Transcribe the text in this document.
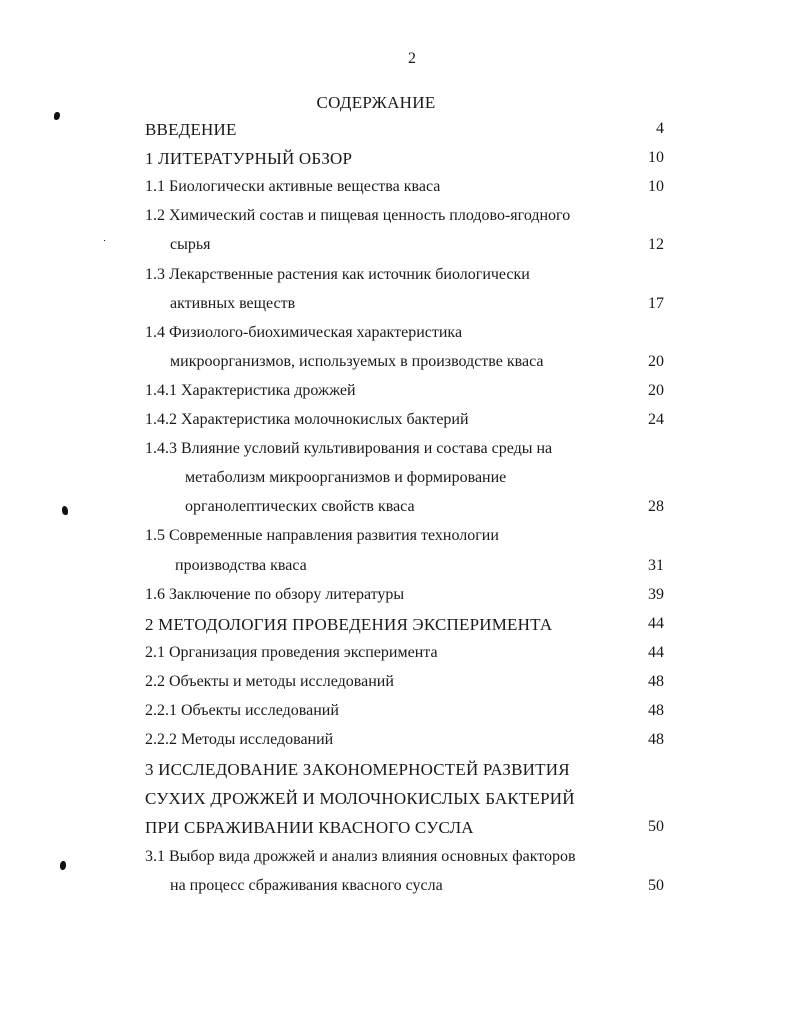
2
СОДЕРЖАНИЕ
ВВЕДЕНИЕ	4
1 ЛИТЕРАТУРНЫЙ ОБЗОР	10
1.1 Биологически активные вещества кваса	10
1.2 Химический состав и пищевая ценность плодово-ягодного
сырья	12
1.3 Лекарственные растения как источник биологически
активных веществ	17
1.4 Физиолого-биохимическая характеристика
микроорганизмов, используемых в производстве кваса	20
1.4.1 Характеристика дрожжей	20
1.4.2 Характеристика молочнокислых бактерий	24
1.4.3 Влияние условий культивирования и состава среды на
метаболизм микроорганизмов и формирование
органолептических свойств кваса	28
1.5 Современные направления развития технологии
производства кваса	31
1.6 Заключение по обзору литературы	39
2 МЕТОДОЛОГИЯ ПРОВЕДЕНИЯ ЭКСПЕРИМЕНТА	44
2.1 Организация проведения эксперимента	44
2.2 Объекты и методы исследований	48
2.2.1 Объекты исследований	48
2.2.2 Методы исследований	48
3 ИССЛЕДОВАНИЕ ЗАКОНОМЕРНОСТЕЙ РАЗВИТИЯ
СУХИХ ДРОЖЖЕЙ И МОЛОЧНОКИСЛЫХ БАКТЕРИЙ
ПРИ СБРАЖИВАНИИ КВАСНОГО СУСЛА	50
3.1 Выбор вида дрожжей и анализ влияния основных факторов
на процесс сбраживания квасного сусла	50
